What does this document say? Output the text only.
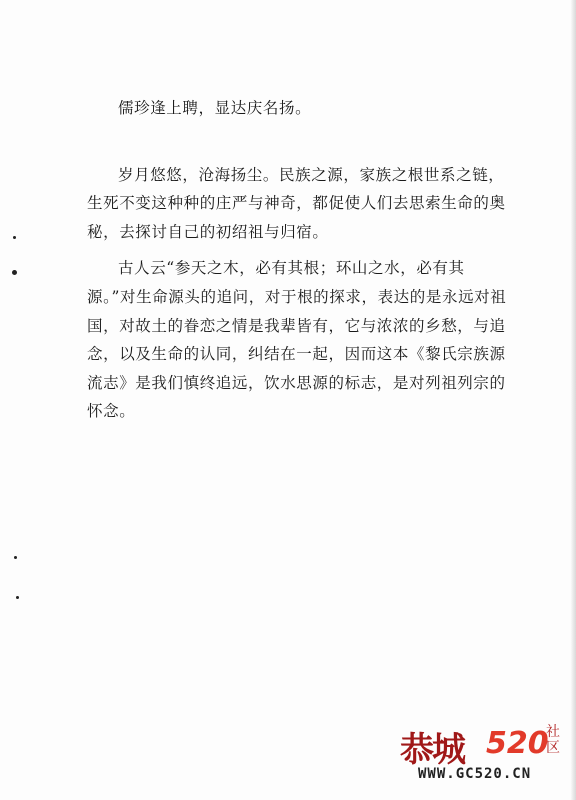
儒珍逢上聘，显达庆名扬。

岁月悠悠，沧海扬尘。民族之源，家族之根世系之链，生死不变这种种的庄严与神奇，都促使人们去思索生命的奥秘，去探讨自己的初绍祖与归宿。

古人云“参天之木，必有其根；环山之水，必有其源。”对生命源头的追问，对于根的探求，表达的是永远对祖国，对故土的眷恋之情是我辈皆有，它与浓浓的乡愁，与追念，以及生命的认同，纠结在一起，因而这本《黎氏宗族源流志》是我们慎终追远，饮水思源的标志，是对列祖列宗的怀念。

恭城 520
社区
WWW.GC520.CN
